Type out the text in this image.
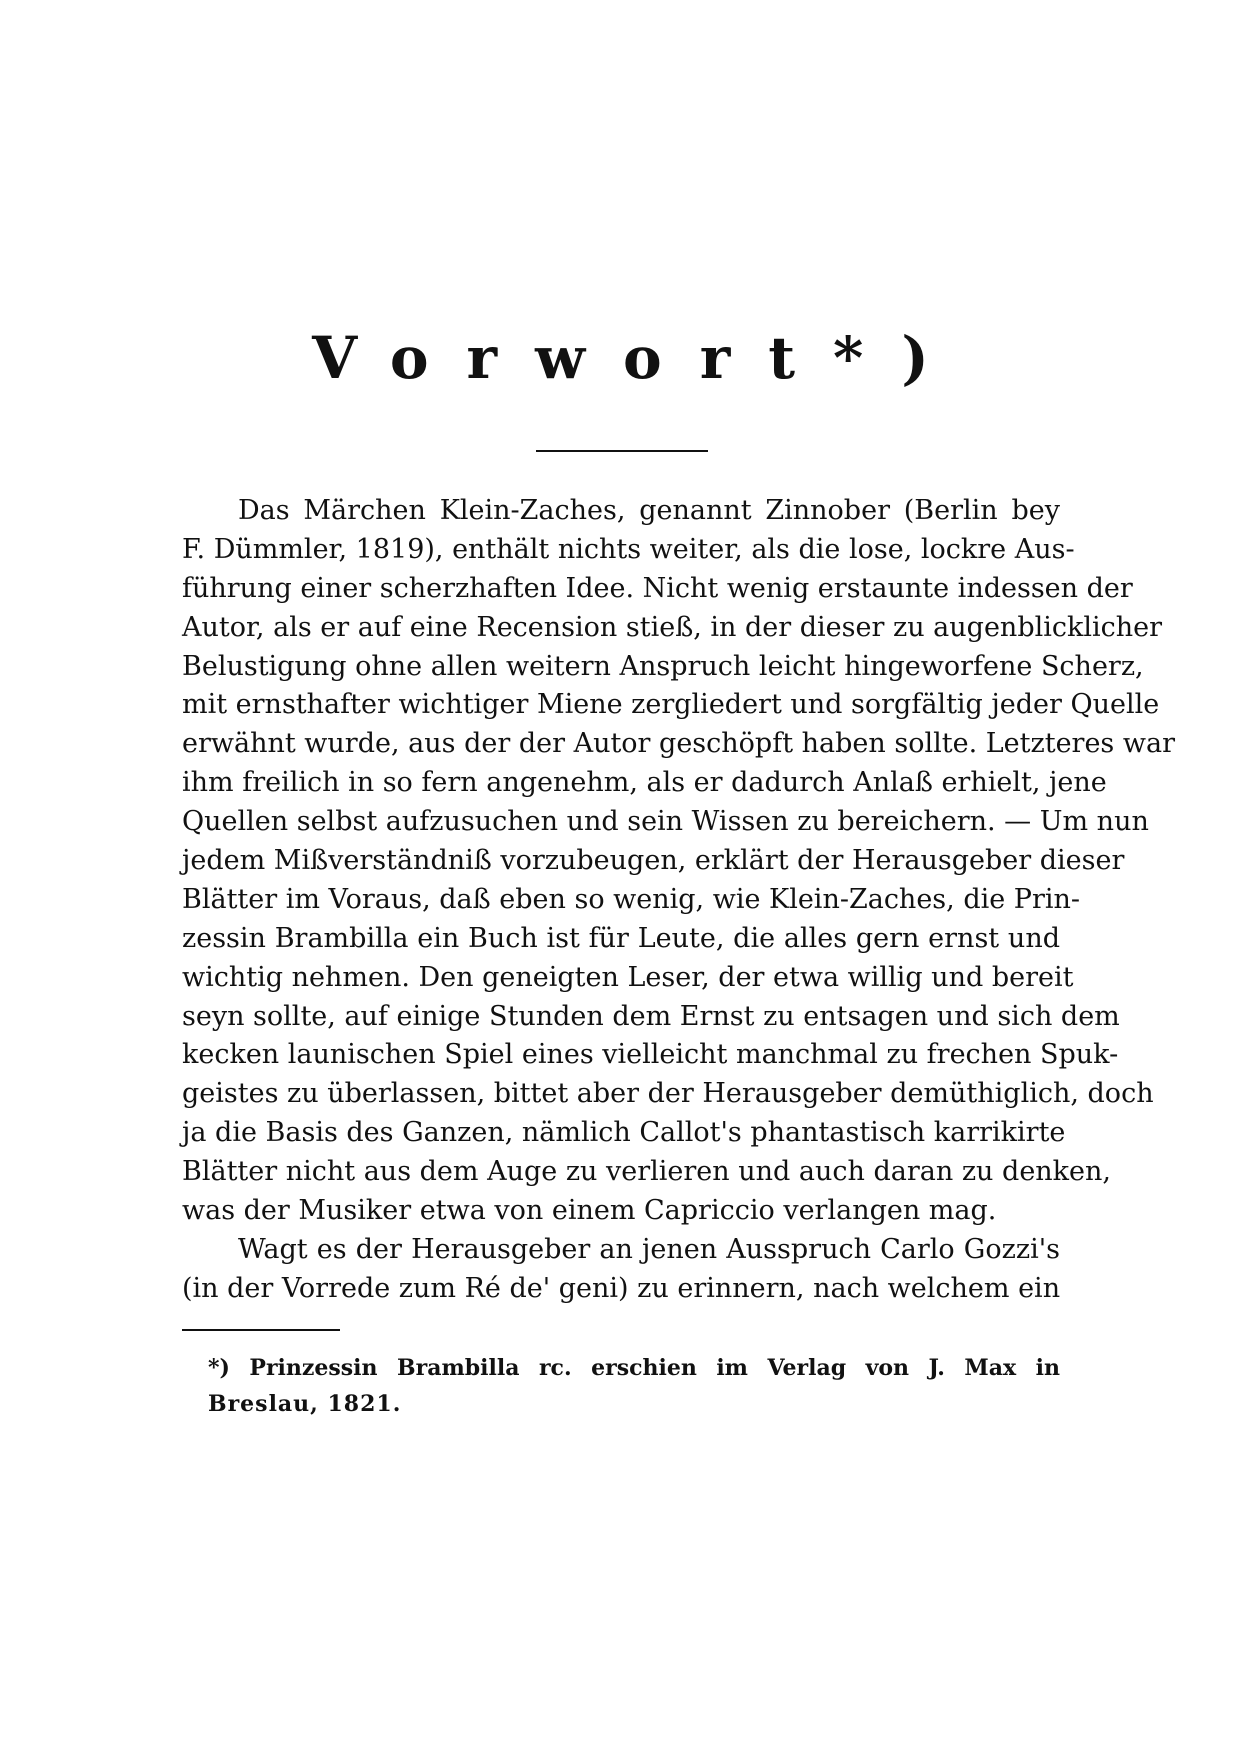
Vorwort*)
Das Märchen Klein-Zaches, genannt Zinnober (Berlin bey
F. Dümmler, 1819), enthält nichts weiter, als die lose, lockre Aus-
führung einer scherzhaften Idee. Nicht wenig erstaunte indessen der
Autor, als er auf eine Recension stieß, in der dieser zu augenblicklicher
Belustigung ohne allen weitern Anspruch leicht hingeworfene Scherz,
mit ernsthafter wichtiger Miene zergliedert und sorgfältig jeder Quelle
erwähnt wurde, aus der der Autor geschöpft haben sollte. Letzteres war
ihm freilich in so fern angenehm, als er dadurch Anlaß erhielt, jene
Quellen selbst aufzusuchen und sein Wissen zu bereichern. — Um nun
jedem Mißverständniß vorzubeugen, erklärt der Herausgeber dieser
Blätter im Voraus, daß eben so wenig, wie Klein-Zaches, die Prin-
zessin Brambilla ein Buch ist für Leute, die alles gern ernst und
wichtig nehmen. Den geneigten Leser, der etwa willig und bereit
seyn sollte, auf einige Stunden dem Ernst zu entsagen und sich dem
kecken launischen Spiel eines vielleicht manchmal zu frechen Spuk-
geistes zu überlassen, bittet aber der Herausgeber demüthiglich, doch
ja die Basis des Ganzen, nämlich Callot's phantastisch karrikirte
Blätter nicht aus dem Auge zu verlieren und auch daran zu denken,
was der Musiker etwa von einem Capriccio verlangen mag.
Wagt es der Herausgeber an jenen Ausspruch Carlo Gozzi's
(in der Vorrede zum Ré de' geni) zu erinnern, nach welchem ein
*) Prinzessin Brambilla rc. erschien im Verlag von J. Max in
Breslau, 1821.
